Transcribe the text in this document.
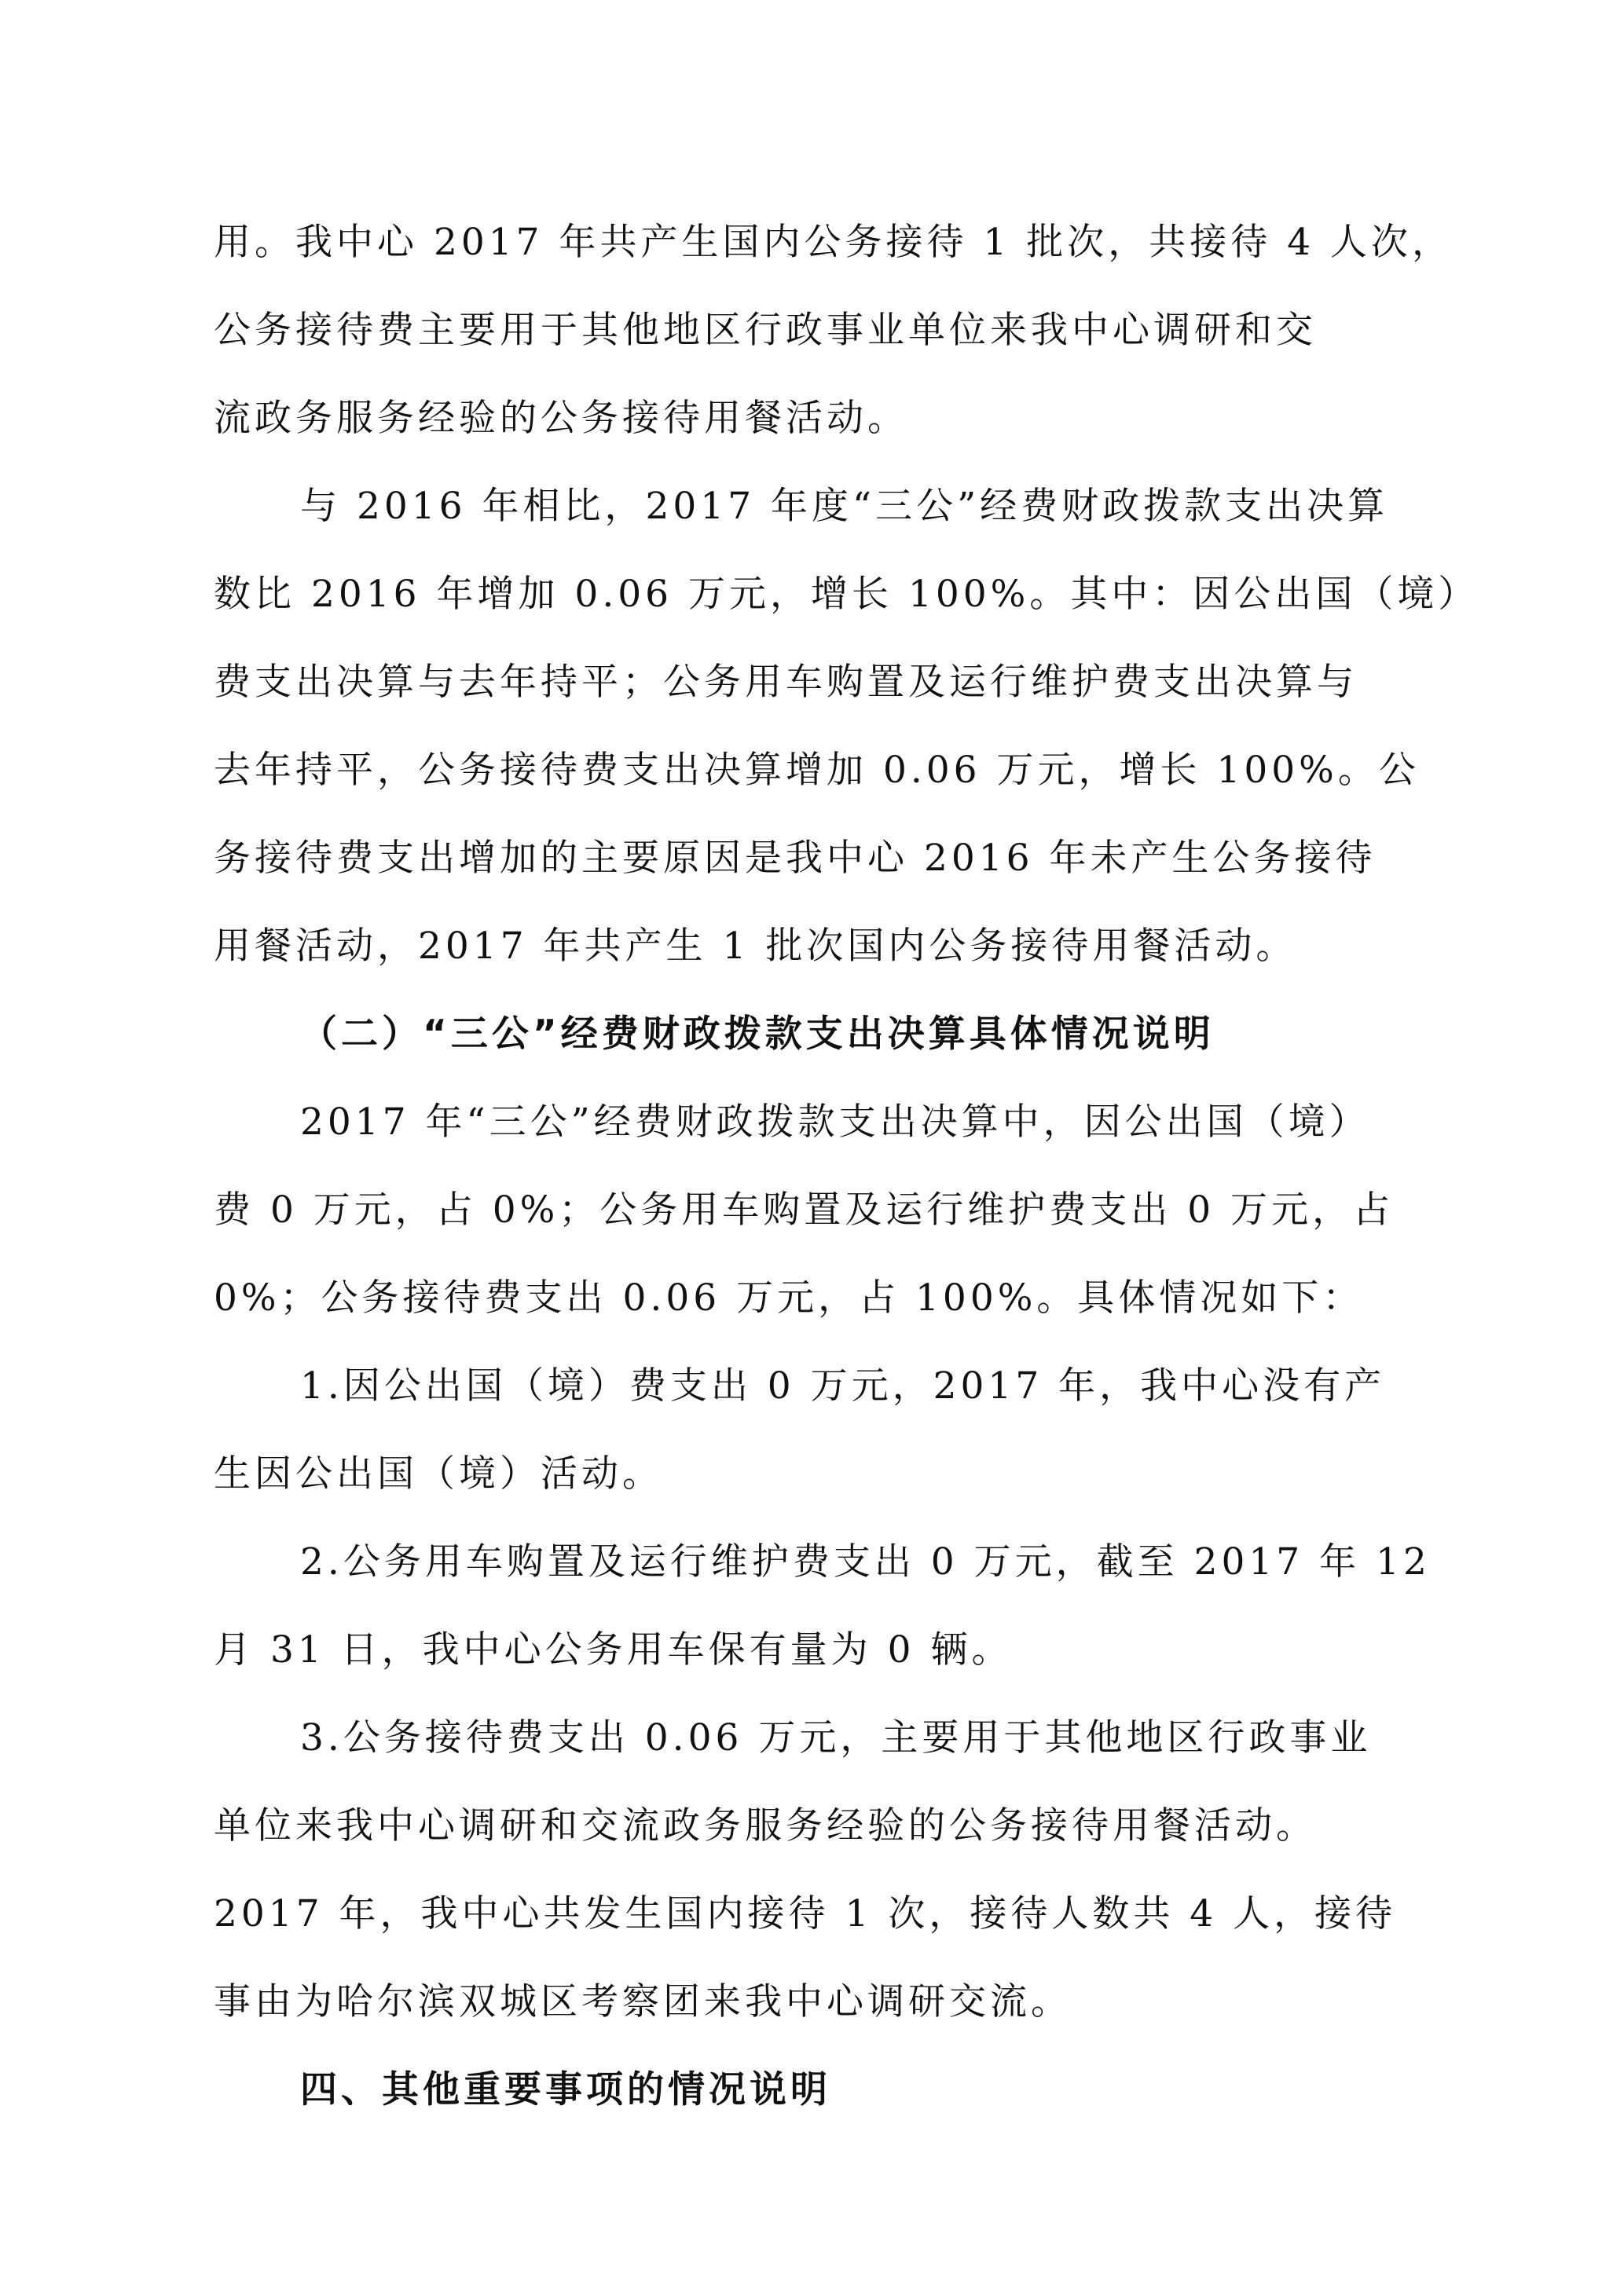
用。我中心 2017 年共产生国内公务接待 1 批次，共接待 4 人次，
公务接待费主要用于其他地区行政事业单位来我中心调研和交
流政务服务经验的公务接待用餐活动。
与 2016 年相比，2017 年度“三公”经费财政拨款支出决算
数比 2016 年增加 0.06 万元，增长 100%。其中：因公出国（境）
费支出决算与去年持平；公务用车购置及运行维护费支出决算与
去年持平，公务接待费支出决算增加 0.06 万元，增长 100%。公
务接待费支出增加的主要原因是我中心 2016 年未产生公务接待
用餐活动，2017 年共产生 1 批次国内公务接待用餐活动。
（二）“三公”经费财政拨款支出决算具体情况说明
2017 年“三公”经费财政拨款支出决算中，因公出国（境）
费 0 万元，占 0%；公务用车购置及运行维护费支出 0 万元，占
0%；公务接待费支出 0.06 万元，占 100%。具体情况如下：
1.因公出国（境）费支出 0 万元，2017 年，我中心没有产
生因公出国（境）活动。
2.公务用车购置及运行维护费支出 0 万元，截至 2017 年 12
月 31 日，我中心公务用车保有量为 0 辆。
3.公务接待费支出 0.06 万元，主要用于其他地区行政事业
单位来我中心调研和交流政务服务经验的公务接待用餐活动。
2017 年，我中心共发生国内接待 1 次，接待人数共 4 人，接待
事由为哈尔滨双城区考察团来我中心调研交流。
四、其他重要事项的情况说明
